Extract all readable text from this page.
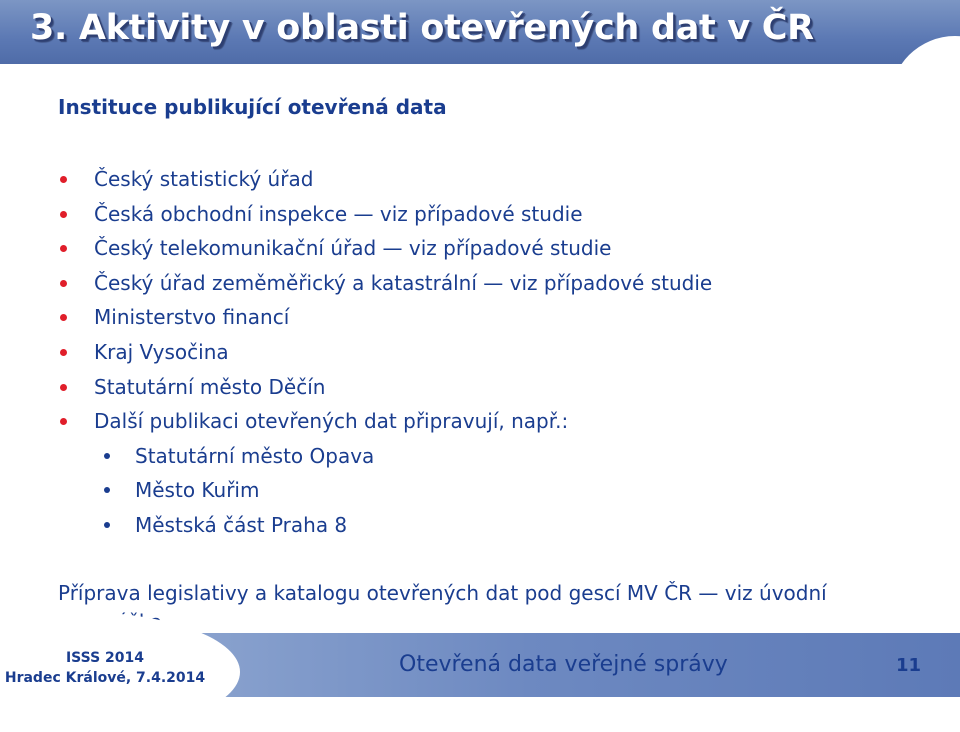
3. Aktivity v oblasti otevřených dat v ČR
Instituce publikující otevřená data
Český statistický úřad
Česká obchodní inspekce — viz případové studie
Český telekomunikační úřad — viz případové studie
Český úřad zeměměřický a katastrální — viz případové studie
Ministerstvo financí
Kraj Vysočina
Statutární město Děčín
Další publikaci otevřených dat připravují, např.:
Statutární město Opava
Město Kuřim
Městská část Praha 8
Příprava legislativy a katalogu otevřených dat pod gescí MV ČR — viz úvodní
ISSS 2014
Hradec Králové, 7.4.2014
Otevřená data veřejné správy	11
